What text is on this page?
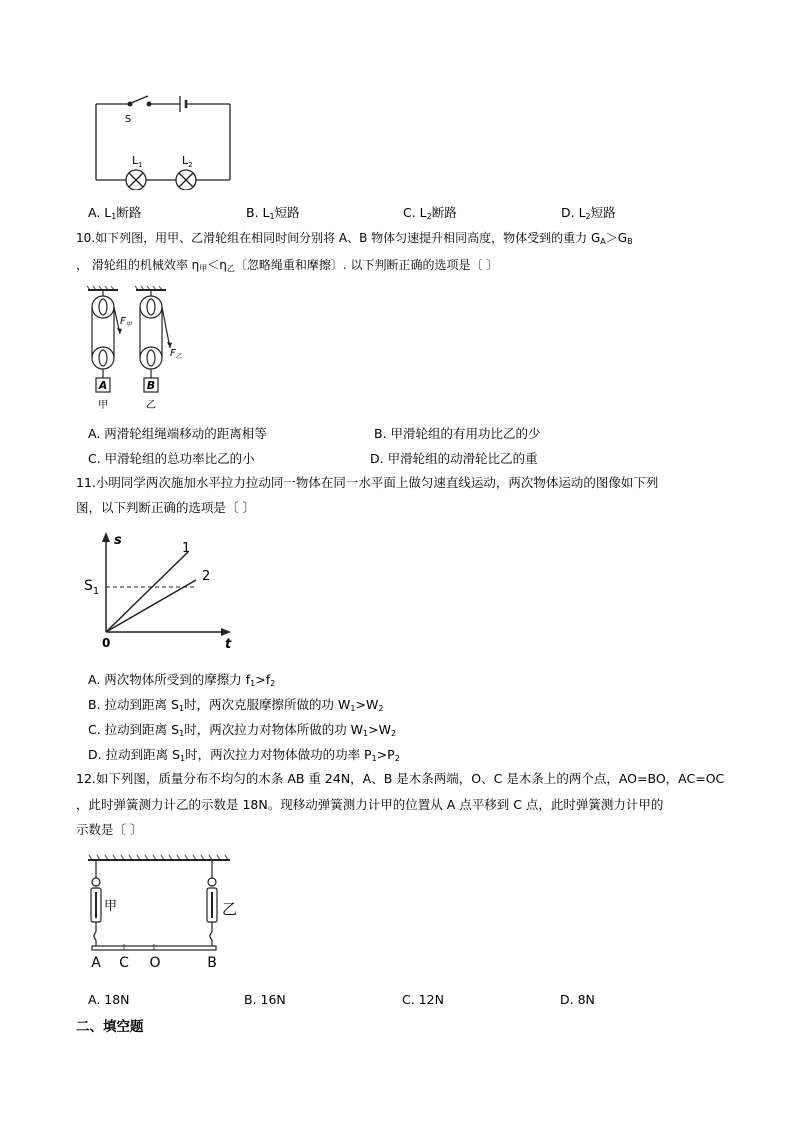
S
$L_1$	$L_2$
A. $L_1$断路	B. $L_1$短路	C. $L_2$断路	D. $L_2$短路
10.如下列图，用甲、乙滑轮组在相同时间分别将 A、B 物体匀速提升相同高度，物体受到的重力 $G_A>G_B$
， 滑轮组的机械效率 $\eta_甲<\eta_乙$〔忽略绳重和摩擦〕. 以下判断正确的选项是〔 〕
$F_甲$
$F_乙$
A	B
甲	乙
A. 两滑轮组绳端移动的距离相等	B. 甲滑轮组的有用功比乙的少
C. 甲滑轮组的总功率比乙的小	D. 甲滑轮组的动滑轮比乙的重
11.小明同学两次施加水平拉力拉动同一物体在同一水平面上做匀速直线运动，两次物体运动的图像如下列
图，以下判断正确的选项是〔 〕
s
t
0
$S_1$
1
2
A. 两次物体所受到的摩擦力 $f_1>f_2$
B. 拉动到距离 $S_1$时，两次克服摩擦所做的功 $W_1>W_2$
C. 拉动到距离 $S_1$时，两次拉力对物体所做的功 $W_1>W_2$
D. 拉动到距离 $S_1$时，两次拉力对物体做功的功率 $P_1>P_2$
12.如下列图，质量分布不均匀的木条 AB 重 24N，A、B 是木条两端，O、C 是木条上的两个点，AO=BO，AC=OC
，此时弹簧测力计乙的示数是 18N。现移动弹簧测力计甲的位置从 A 点平移到 C 点，此时弹簧测力计甲的
示数是〔 〕
甲	乙
A C O	B
A. 18N	B. 16N	C. 12N	D. 8N
二、填空题
